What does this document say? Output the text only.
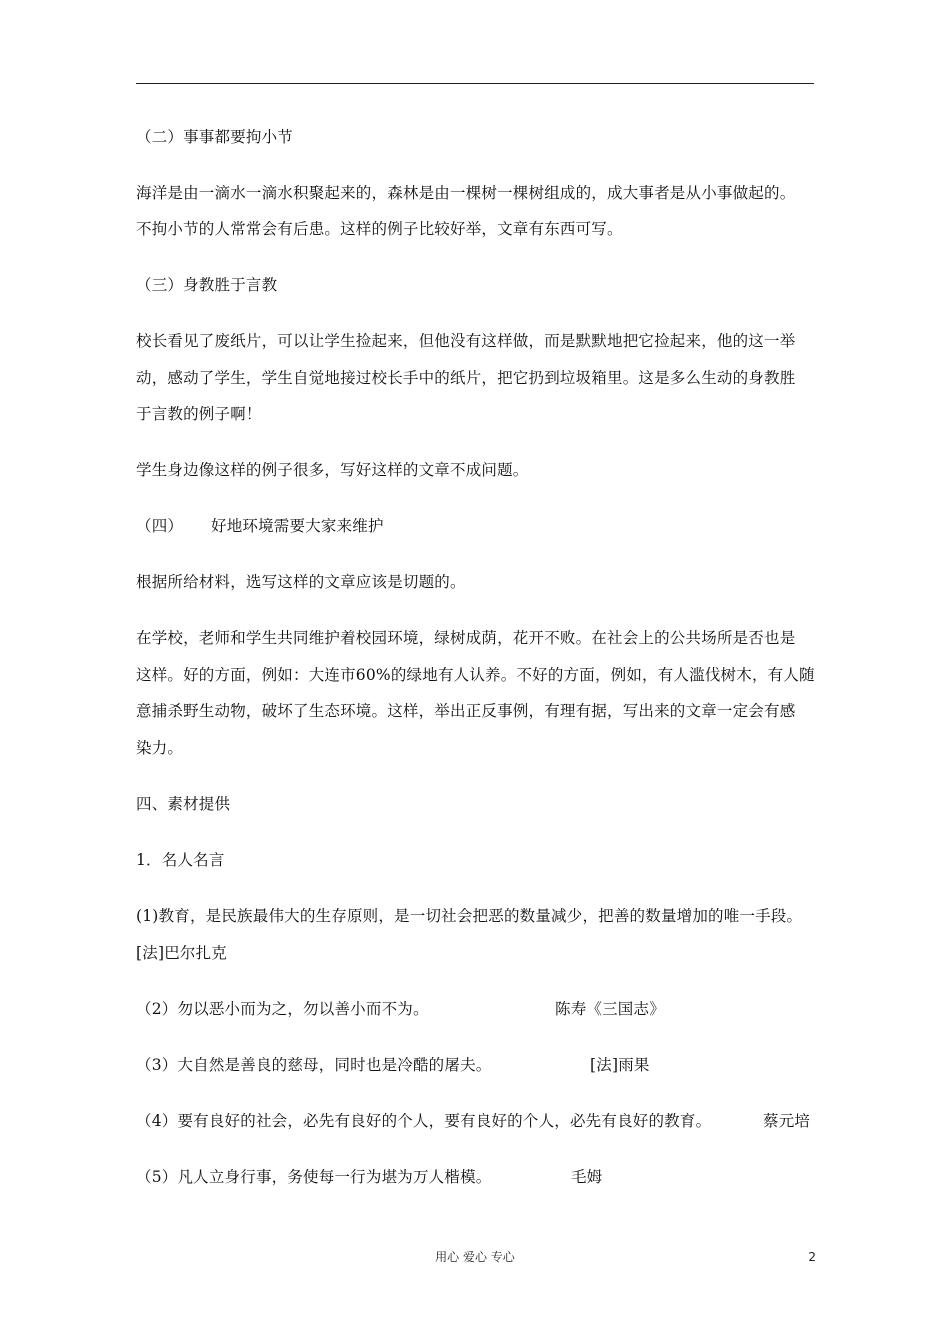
（二）事事都要拘小节
海洋是由一滴水一滴水积聚起来的，森林是由一棵树一棵树组成的，成大事者是从小事做起的。
不拘小节的人常常会有后患。这样的例子比较好举，文章有东西可写。
（三）身教胜于言教
校长看见了废纸片，可以让学生捡起来，但他没有这样做，而是默默地把它捡起来，他的这一举
动，感动了学生，学生自觉地接过校长手中的纸片，把它扔到垃圾箱里。这是多么生动的身教胜
于言教的例子啊！
学生身边像这样的例子很多，写好这样的文章不成问题。
（四） 好地环境需要大家来维护
根据所给材料，选写这样的文章应该是切题的。
在学校，老师和学生共同维护着校园环境，绿树成荫，花开不败。在社会上的公共场所是否也是
这样。好的方面，例如：大连市60%的绿地有人认养。不好的方面，例如，有人滥伐树木，有人随
意捕杀野生动物，破坏了生态环境。这样，举出正反事例，有理有据，写出来的文章一定会有感
染力。
四、素材提供
1．名人名言
(1)教育，是民族最伟大的生存原则，是一切社会把恶的数量减少，把善的数量增加的唯一手段。
[法]巴尔扎克
（2）勿以恶小而为之，勿以善小而不为。	陈寿《三国志》
（3）大自然是善良的慈母，同时也是冷酷的屠夫。	[法]雨果
（4）要有良好的社会，必先有良好的个人，要有良好的个人，必先有良好的教育。	蔡元培
（5）凡人立身行事，务使每一行为堪为万人楷模。	毛姆
用心 爱心 专心	2
